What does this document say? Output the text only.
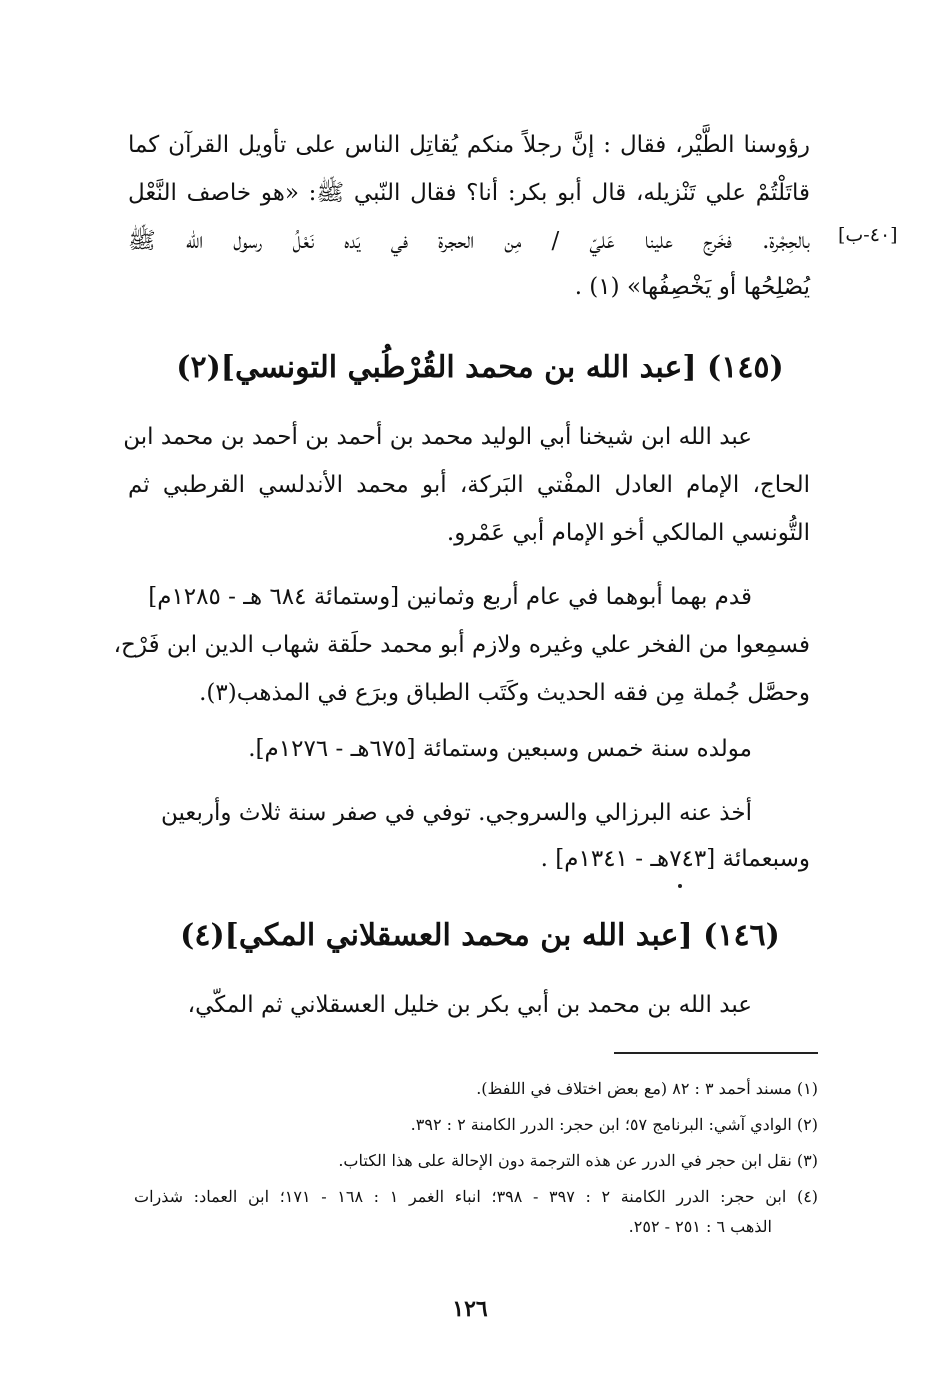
رؤوسنا الطَّيْر، فقال : إنَّ رجلاً منكم يُقاتِل الناس على تأويل القرآن كما
قاتَلْتُمْ علي تَنْزيله، قال أبو بكر: أنا؟ فقال النّبي ﷺ: «هو خاصف النَّعْل
بالحِجْرة. فخَرج علينا عَليّ / مِن الحجرة في يَده نَعْلُ رسول الله ﷺ
يُصْلِحُها أو يَخْصِفُها» (١) .
[٤٠-ب]
(١٤٥) [عبد الله بن محمد القُرْطُبي التونسي](٢)
عبد الله ابن شيخنا أبي الوليد محمد بن أحمد بن أحمد بن محمد ابن
الحاج، الإمام العادل المفْتي البَركة، أبو محمد الأندلسي القرطبي ثم
التُّونسي المالكي أخو الإمام أبي عَمْرو.
قدم بهما أبوهما في عام أربع وثمانين [وستمائة ٦٨٤ هـ - ١٢٨٥م]
فسمِعوا من الفخر علي وغيره ولازم أبو محمد حلَقة شهاب الدين ابن فَرْح،
وحصَّل جُملة مِن فقه الحديث وكَتَب الطباق وبرَع في المذهب(٣).
مولده سنة خمس وسبعين وستمائة [٦٧٥هـ - ١٢٧٦م].
أخذ عنه البرزالي والسروجي. توفي في صفر سنة ثلاث وأربعين
وسبعمائة [٧٤٣هـ - ١٣٤١م] .
(١٤٦) [عبد الله بن محمد العسقلاني المكي](٤)
عبد الله بن محمد بن أبي بكر بن خليل العسقلاني ثم المكّي،
(١) مسند أحمد ٣ : ٨٢ (مع بعض اختلاف في اللفظ).
(٢) الوادي آشي: البرنامج ٥٧؛ ابن حجر: الدرر الكامنة ٢ : ٣٩٢.
(٣) نقل ابن حجر في الدرر عن هذه الترجمة دون الإحالة على هذا الكتاب.
(٤) ابن حجر: الدرر الكامنة ٢ : ٣٩٧ - ٣٩٨؛ انباء الغمر ١ : ١٦٨ - ١٧١؛ ابن العماد: شذرات
الذهب ٦ : ٢٥١ - ٢٥٢.
١٢٦
